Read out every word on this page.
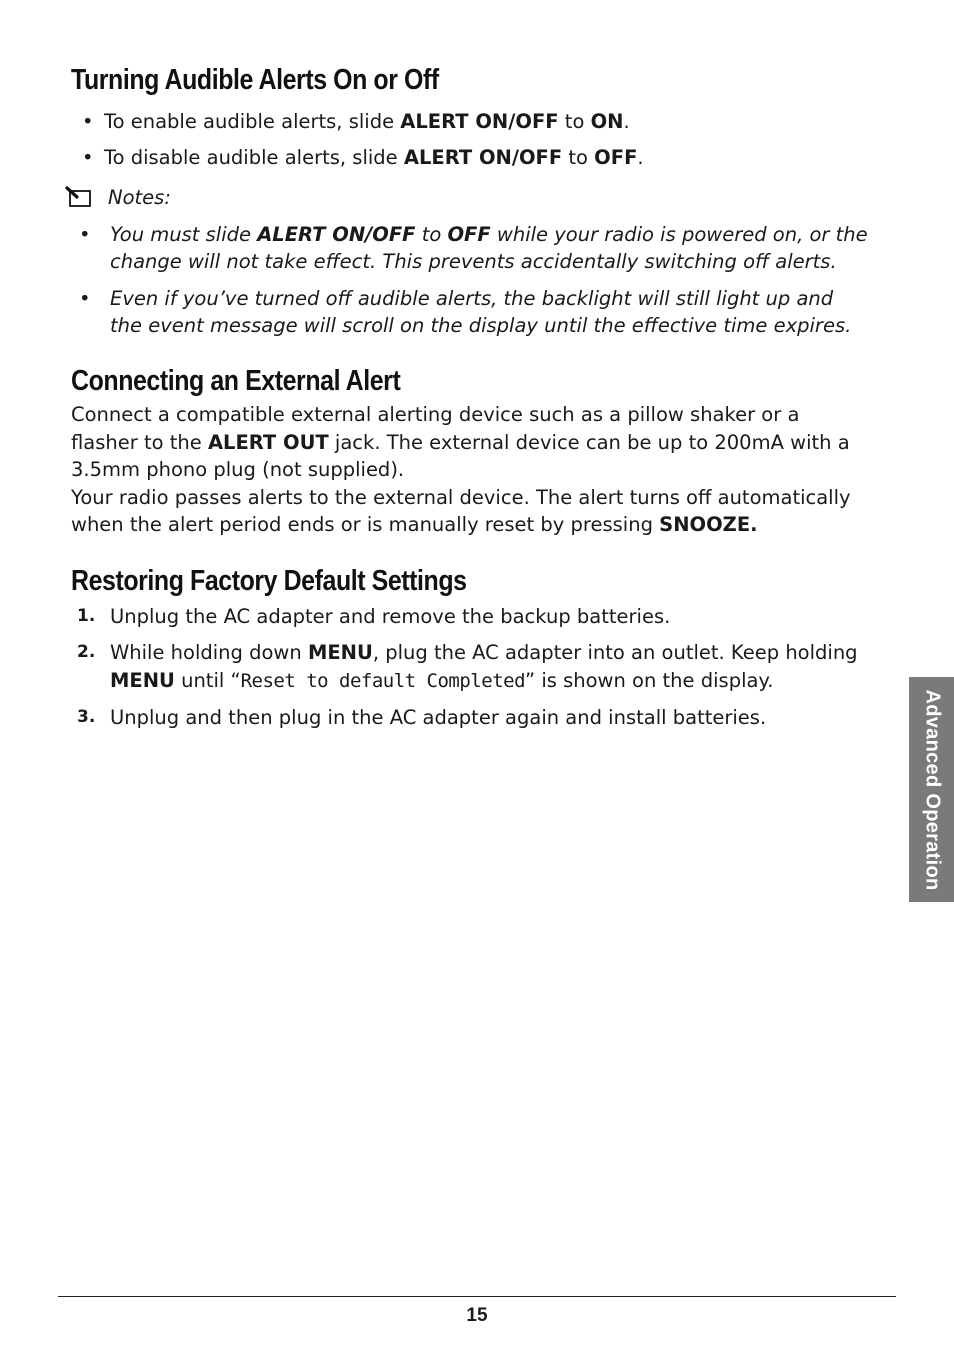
Turning Audible Alerts On or Off
• To enable audible alerts, slide ALERT ON/OFF to ON.
• To disable audible alerts, slide ALERT ON/OFF to OFF.
Notes:
• You must slide ALERT ON/OFF to OFF while your radio is powered on, or the change will not take effect. This prevents accidentally switching off alerts.
• Even if you’ve turned off audible alerts, the backlight will still light up and the event message will scroll on the display until the effective time expires.
Connecting an External Alert

Connect a compatible external alerting device such as a pillow shaker or a flasher to the ALERT OUT jack. The external device can be up to 200mA with a 3.5mm phono plug (not supplied).

Your radio passes alerts to the external device. The alert turns off automatically when the alert period ends or is manually reset by pressing SNOOZE.

Restoring Factory Default Settings
1. Unplug the AC adapter and remove the backup batteries.
2. While holding down MENU, plug the AC adapter into an outlet. Keep holding MENU until “Reset to default Completed” is shown on the display.
3. Unplug and then plug in the AC adapter again and install batteries.	Advanced Operation
15
